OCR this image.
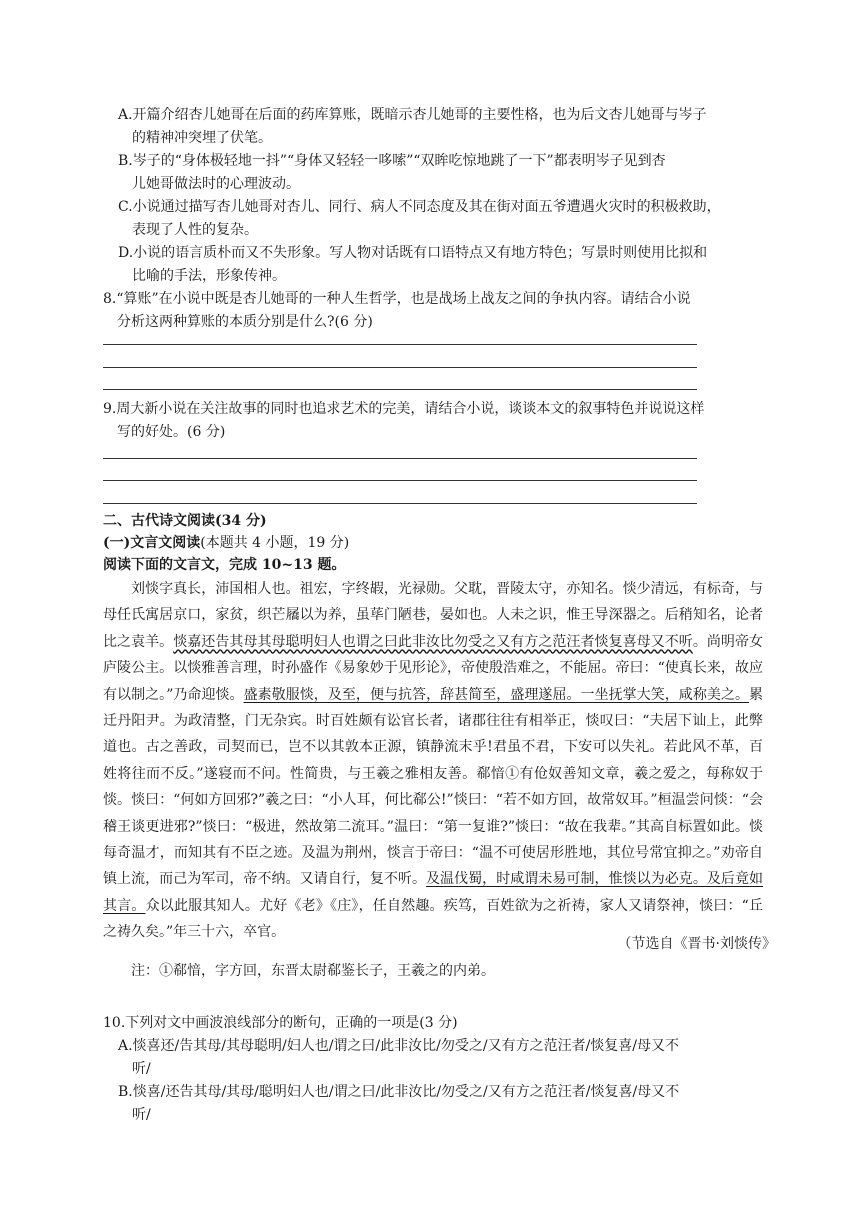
A.开篇介绍杏儿她哥在后面的药库算账，既暗示杏儿她哥的主要性格，也为后文杏儿她哥与岑子
的精神冲突埋了伏笔。
B.岑子的“身体极轻地一抖”“身体又轻轻一哆嗦”“双眸吃惊地跳了一下”都表明岑子见到杏
儿她哥做法时的心理波动。
C.小说通过描写杏儿她哥对杏儿、同行、病人不同态度及其在街对面五爷遭遇火灾时的积极救助，
表现了人性的复杂。
D.小说的语言质朴而又不失形象。写人物对话既有口语特点又有地方特色；写景时则使用比拟和
比喻的手法，形象传神。
8.“算账”在小说中既是杏儿她哥的一种人生哲学，也是战场上战友之间的争执内容。请结合小说
分析这两种算账的本质分别是什么?(6 分)
9.周大新小说在关注故事的同时也追求艺术的完美，请结合小说，谈谈本文的叙事特色并说说这样
写的好处。(6 分)
二、古代诗文阅读(34 分)
(一)文言文阅读(本题共 4 小题，19 分)
阅读下面的文言文，完成 10~13 题。

刘惔字真长，沛国相人也。祖宏，字终嘏，光禄勋。父耽，晋陵太守，亦知名。惔少清远，有标奇，与母任氏寓居京口，家贫，织芒屩以为养，虽荜门陋巷，晏如也。人未之识，惟王导深器之。后稍知名，论者比之袁羊。惔嘉还告其母其母聪明妇人也谓之曰此非汝比勿受之又有方之范汪者惔复喜母又不听。尚明帝女庐陵公主。以惔雅善言理，时孙盛作《易象妙于见形论》，帝使殷浩难之，不能屈。帝曰：“使真长来，故应有以制之。”乃命迎惔。盛素敬服惔，及至，便与抗答，辞甚简至，盛理遂屈。一坐抚掌大笑，咸称美之。累迁丹阳尹。为政清整，门无杂宾。时百姓颇有讼官长者，诸郡往往有相举正，惔叹曰：“夫居下讪上，此弊道也。古之善政，司契而已，岂不以其敦本正源，镇静流末乎!君虽不君，下安可以失礼。若此风不革，百姓将往而不反。”遂寝而不问。性简贵，与王羲之雅相友善。郗愔①有伧奴善知文章，羲之爱之，每称奴于惔。惔曰：“何如方回邪?”羲之曰：“小人耳，何比郗公!”惔曰：“若不如方回，故常奴耳。”桓温尝问惔：“会稽王谈更进邪?”惔曰：“极进，然故第二流耳。”温曰：“第一复谁?”惔曰：“故在我辈。”其高自标置如此。惔每奇温才，而知其有不臣之迹。及温为荆州，惔言于帝曰：“温不可使居形胜地，其位号常宜抑之。”劝帝自镇上流，而己为军司，帝不纳。又请自行，复不听。及温伐蜀，时咸谓未易可制，惟惔以为必克。及后竟如其言。众以此服其知人。尤好《老》《庄》，任自然趣。疾笃，百姓欲为之祈祷，家人又请祭神，惔曰：“丘之祷久矣。”年三十六，卒官。

（节选自《晋书·刘惔传》
注：①郗愔，字方回，东晋太尉郗鉴长子，王羲之的内弟。
10.下列对文中画波浪线部分的断句，正确的一项是(3 分)
A.惔喜还/告其母/其母聪明/妇人也/谓之曰/此非汝比/勿受之/又有方之范汪者/惔复喜/母又不
听/
B.惔喜/还告其母/其母/聪明妇人也/谓之曰/此非汝比/勿受之/又有方之范汪者/惔复喜/母又不
听/
